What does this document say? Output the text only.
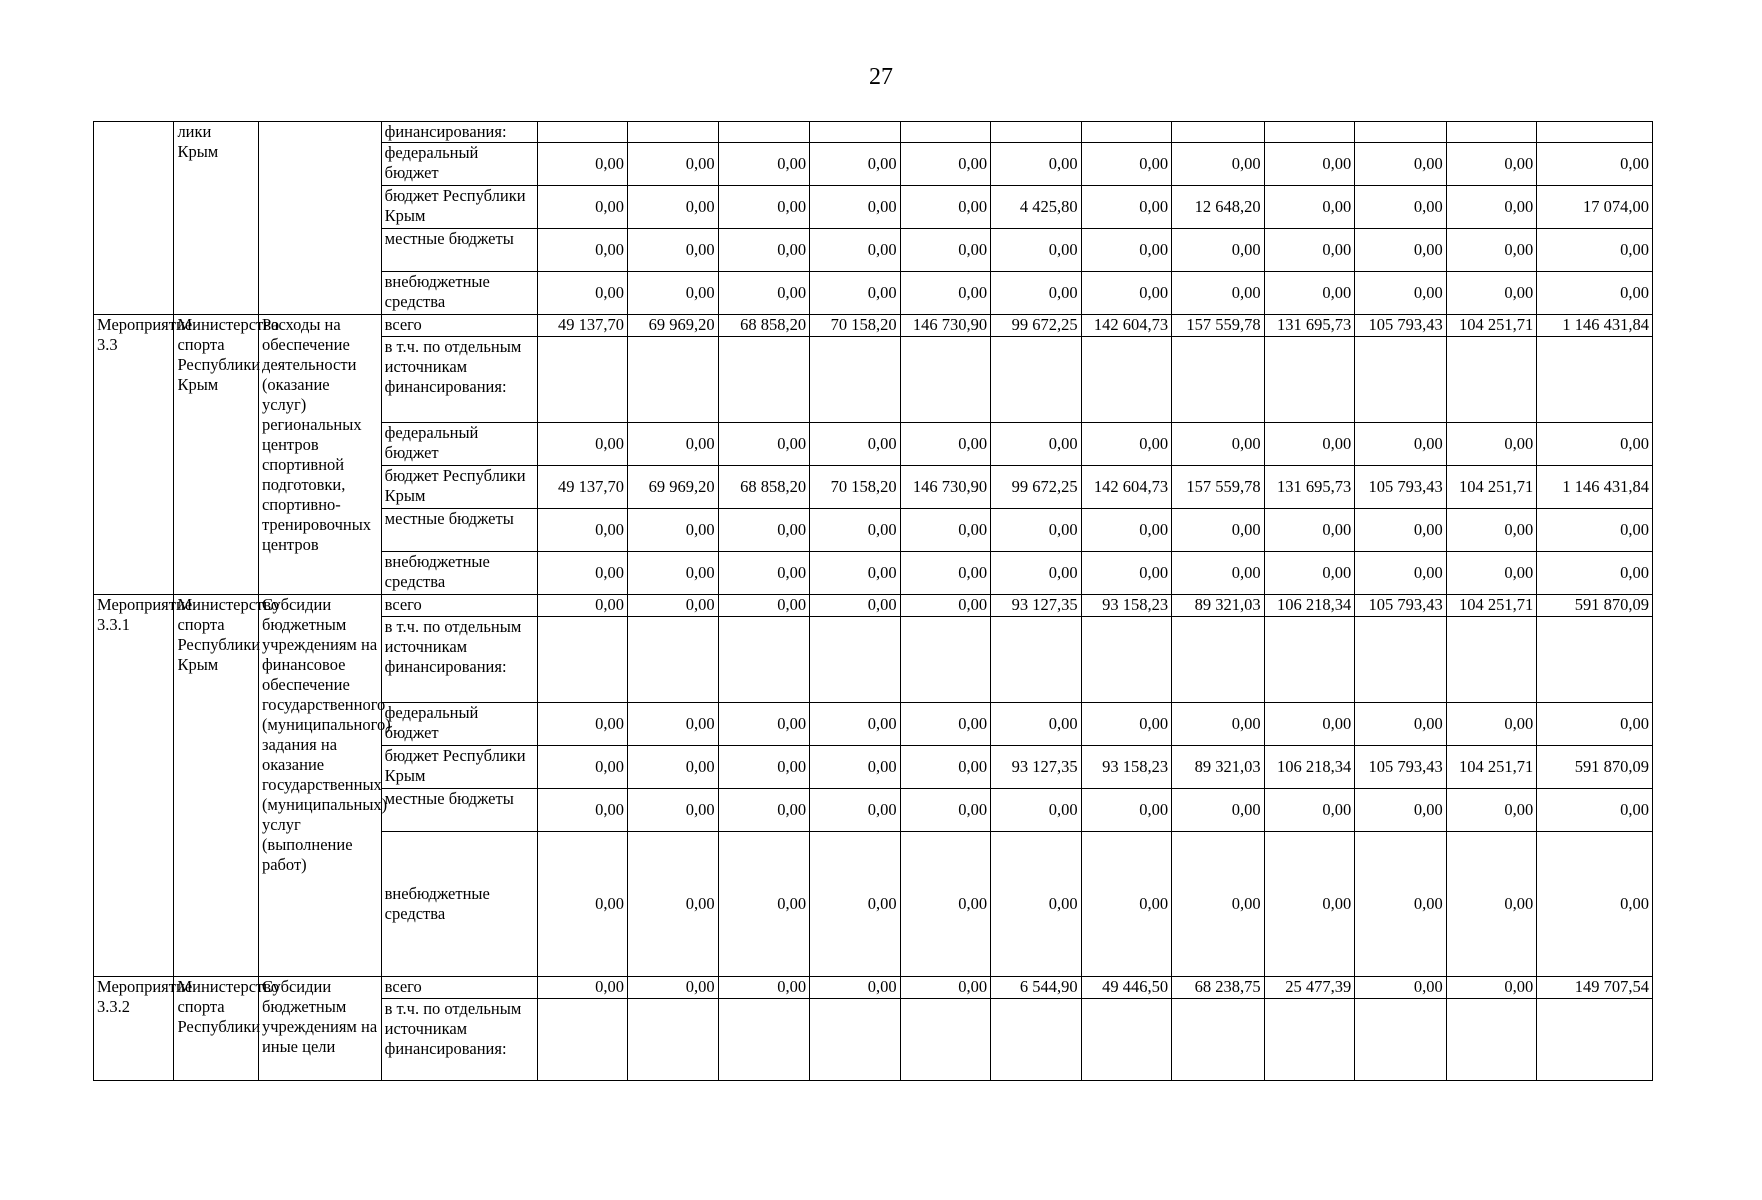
27
	лики Крым		финансирования:												
			федеральный бюджет	0,00	0,00	0,00	0,00	0,00	0,00	0,00	0,00	0,00	0,00	0,00	0,00
			бюджет Республики Крым	0,00	0,00	0,00	0,00	0,00	4 425,80	0,00	12 648,20	0,00	0,00	0,00	17 074,00
			местные бюджеты	0,00	0,00	0,00	0,00	0,00	0,00	0,00	0,00	0,00	0,00	0,00	0,00
			внебюджетные средства	0,00	0,00	0,00	0,00	0,00	0,00	0,00	0,00	0,00	0,00	0,00	0,00
Мероприятие 3.3	Министерство спорта Республики Крым	Расходы на обеспечение деятельности (оказание услуг) региональных центров спортивной подготовки, спортивно-тренировочных центров	всего	49 137,70	69 969,20	68 858,20	70 158,20	146 730,90	99 672,25	142 604,73	157 559,78	131 695,73	105 793,43	104 251,71	1 146 431,84
			в т.ч. по отдельным источникам финансирования:												
			федеральный бюджет	0,00	0,00	0,00	0,00	0,00	0,00	0,00	0,00	0,00	0,00	0,00	0,00
			бюджет Республики Крым	49 137,70	69 969,20	68 858,20	70 158,20	146 730,90	99 672,25	142 604,73	157 559,78	131 695,73	105 793,43	104 251,71	1 146 431,84
			местные бюджеты	0,00	0,00	0,00	0,00	0,00	0,00	0,00	0,00	0,00	0,00	0,00	0,00
			внебюджетные средства	0,00	0,00	0,00	0,00	0,00	0,00	0,00	0,00	0,00	0,00	0,00	0,00
Мероприятие 3.3.1	Министерство спорта Республики Крым	Субсидии бюджетным учреждениям на финансовое обеспечение государственного (муниципального) задания на оказание государственных (муниципальных) услуг (выполнение работ)	всего	0,00	0,00	0,00	0,00	0,00	93 127,35	93 158,23	89 321,03	106 218,34	105 793,43	104 251,71	591 870,09
			в т.ч. по отдельным источникам финансирования:												
			федеральный бюджет	0,00	0,00	0,00	0,00	0,00	0,00	0,00	0,00	0,00	0,00	0,00	0,00
			бюджет Республики Крым	0,00	0,00	0,00	0,00	0,00	93 127,35	93 158,23	89 321,03	106 218,34	105 793,43	104 251,71	591 870,09
			местные бюджеты	0,00	0,00	0,00	0,00	0,00	0,00	0,00	0,00	0,00	0,00	0,00	0,00
			внебюджетные средства	0,00	0,00	0,00	0,00	0,00	0,00	0,00	0,00	0,00	0,00	0,00	0,00
Мероприятие 3.3.2	Министерство спорта Республики	Субсидии бюджетным учреждениям на иные цели	всего	0,00	0,00	0,00	0,00	0,00	6 544,90	49 446,50	68 238,75	25 477,39	0,00	0,00	149 707,54
			в т.ч. по отдельным источникам финансирования:												
